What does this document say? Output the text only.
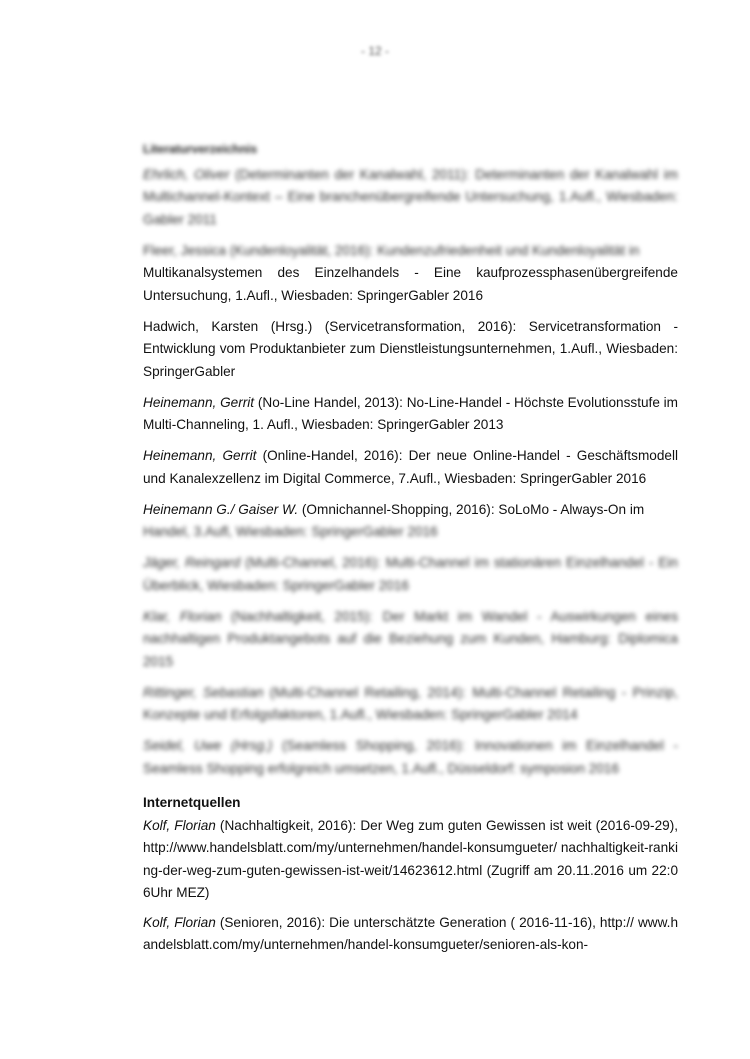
- 12 -
Literaturverzeichnis
Ehrlich, Oliver (Determinanten der Kanalwahl, 2011): Determinanten der Kanalwahl im Multichannel-Kontext – Eine branchenübergreifende Untersuchung, 1.Aufl., Wiesbaden: Gabler 2011
Fleer, Jessica (Kundenloyalität, 2016): Kundenzufriedenheit und Kundenloyalität in
Multikanalsystemen des Einzelhandels - Eine kaufprozessphasenübergreifende Untersuchung, 1.Aufl., Wiesbaden: SpringerGabler 2016
Hadwich, Karsten (Hrsg.) (Servicetransformation, 2016): Servicetransformation - Entwicklung vom Produktanbieter zum Dienstleistungsunternehmen, 1.Aufl., Wiesbaden: SpringerGabler
Heinemann, Gerrit (No-Line Handel, 2013): No-Line-Handel - Höchste Evolutionsstufe im Multi-Channeling, 1. Aufl., Wiesbaden: SpringerGabler 2013
Heinemann, Gerrit (Online-Handel, 2016): Der neue Online-Handel - Geschäftsmodell und Kanalexzellenz im Digital Commerce, 7.Aufl., Wiesbaden: SpringerGabler 2016
Heinemann G./ Gaiser W. (Omnichannel-Shopping, 2016): SoLoMo - Always-On im
Handel, 3.Aufl, Wiesbaden: SpringerGabler 2016
Jäger, Reingard (Multi-Channel, 2016): Multi-Channel im stationären Einzelhandel - Ein Überblick, Wiesbaden: SpringerGabler 2016
Klar, Florian (Nachhaltigkeit, 2015): Der Markt im Wandel - Auswirkungen eines nachhaltigen Produktangebots auf die Beziehung zum Kunden, Hamburg: Diplomica 2015
Rittinger, Sebastian (Multi-Channel Retailing, 2014): Multi-Channel Retailing - Prinzip, Konzepte und Erfolgsfaktoren, 1.Aufl., Wiesbaden: SpringerGabler 2014
Seidel, Uwe (Hrsg.) (Seamless Shopping, 2016): Innovationen im Einzelhandel - Seamless Shopping erfolgreich umsetzen, 1.Aufl., Düsseldorf: symposion 2016
Internetquellen
Kolf, Florian (Nachhaltigkeit, 2016): Der Weg zum guten Gewissen ist weit (2016-09-29), http://www.handelsblatt.com/my/unternehmen/handel-konsumgueter/ nachhaltigkeit-ranking-der-weg-zum-guten-gewissen-ist-weit/14623612.html (Zugriff am 20.11.2016 um 22:06Uhr MEZ)
Kolf, Florian (Senioren, 2016): Die unterschätzte Generation ( 2016-11-16), http:// www.handelsblatt.com/my/unternehmen/handel-konsumgueter/senioren-als-kon-
